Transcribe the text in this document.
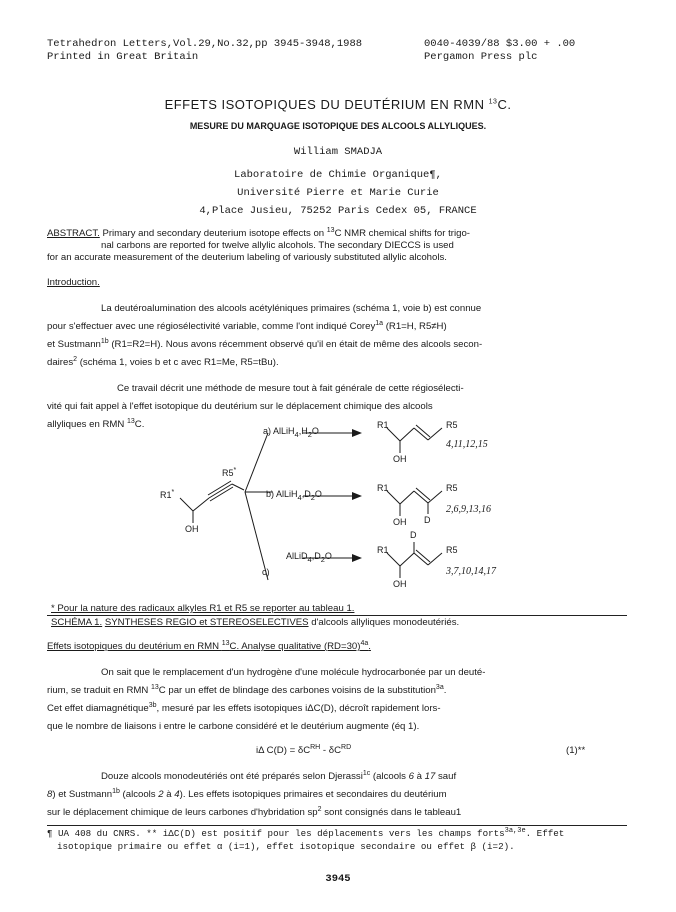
Tetrahedron Letters,Vol.29,No.32,pp 3945-3948,1988	0040-4039/88 $3.00 + .00
Printed in Great Britain	Pergamon Press plc
EFFETS ISOTOPIQUES DU DEUTÉRIUM EN RMN $^{13}$C.
MESURE DU MARQUAGE ISOTOPIQUE DES ALCOOLS ALLYLIQUES.
William SMADJA
Laboratoire de Chimie Organique¶,
Université Pierre et Marie Curie
4,Place Jusieu, 75252 Paris Cedex 05, FRANCE
ABSTRACT. Primary and secondary deuterium isotope effects on $^{13}$C NMR chemical shifts for trigo-
nal carbons are reported for twelve allylic alcohols. The secondary DIECCS is used
for an accurate measurement of the deuterium labeling of variously substituted allylic alcohols.
Introduction.
La deutéroalumination des alcools acétyléniques primaires (schéma 1, voie b) est connue
pour s'effectuer avec une régiosélectivité variable, comme l'ont indiqué Corey$^{1a}$ (R1=H, R5≠H)
et Sustmann$^{1b}$ (R1=R2=H). Nous avons récemment observé qu'il en était de même des alcools secon-
daires$^2$ (schéma 1, voies b et c avec R1=Me, R5=tBu).
Ce travail décrit une méthode de mesure tout à fait générale de cette régiosélecti-
vité qui fait appel à l'effet isotopique du deutérium sur le déplacement chimique des alcools
allyliques en RMN $^{13}$C.
R1*
R5*
OH
a) $AlLiH_4,H_2O$
b) $AlLiH_4,D_2O$
$AlLiD_4,D_2O$
c)
R1	R5
OH
4,11,12,15
R1	R5
OH D
2,6,9,13,16
D
R1	R5
OH
3,7,10,14,17
* Pour la nature des radicaux alkyles R1 et R5 se reporter au tableau 1.
SCHÉMA 1. SYNTHESES REGIO et STEREOSELECTIVES d'alcools allyliques monodeutériés.
Effets isotopiques du deutérium en RMN $^{13}$C. Analyse qualitative (RD=30)$^{4a}$.
On sait que le remplacement d'un hydrogène d'une molécule hydrocarbonée par un deuté-
rium, se traduit en RMN $^{13}$C par un effet de blindage des carbones voisins de la substitution$^{3a}$.
Cet effet diamagnétique$^{3b}$, mesuré par les effets isotopiques iΔC(D), décroît rapidement lors-
que le nombre de liaisons i entre le carbone considéré et le deutérium augmente (éq 1).
iΔ $C(D) = \delta C^{RH} - \delta CRD$	(1)**
Douze alcools monodeutériés ont été préparés selon Djerassi$^{1c}$ (alcools 6 à 17 sauf
8) et Sustmann$^{1b}$ (alcools 2 à 4). Les effets isotopiques primaires et secondaires du deutérium
sur le déplacement chimique de leurs carbones d'hybridation $sp^2$ sont consignés dans le tableau1
¶ UA 408 du CNRS. ** iΔC(D) est positif pour les déplacements vers les champs forts$^{3a,3e}$. Effet
isotopique primaire ou effet α (i=1), effet isotopique secondaire ou effet β (i=2).
3945
